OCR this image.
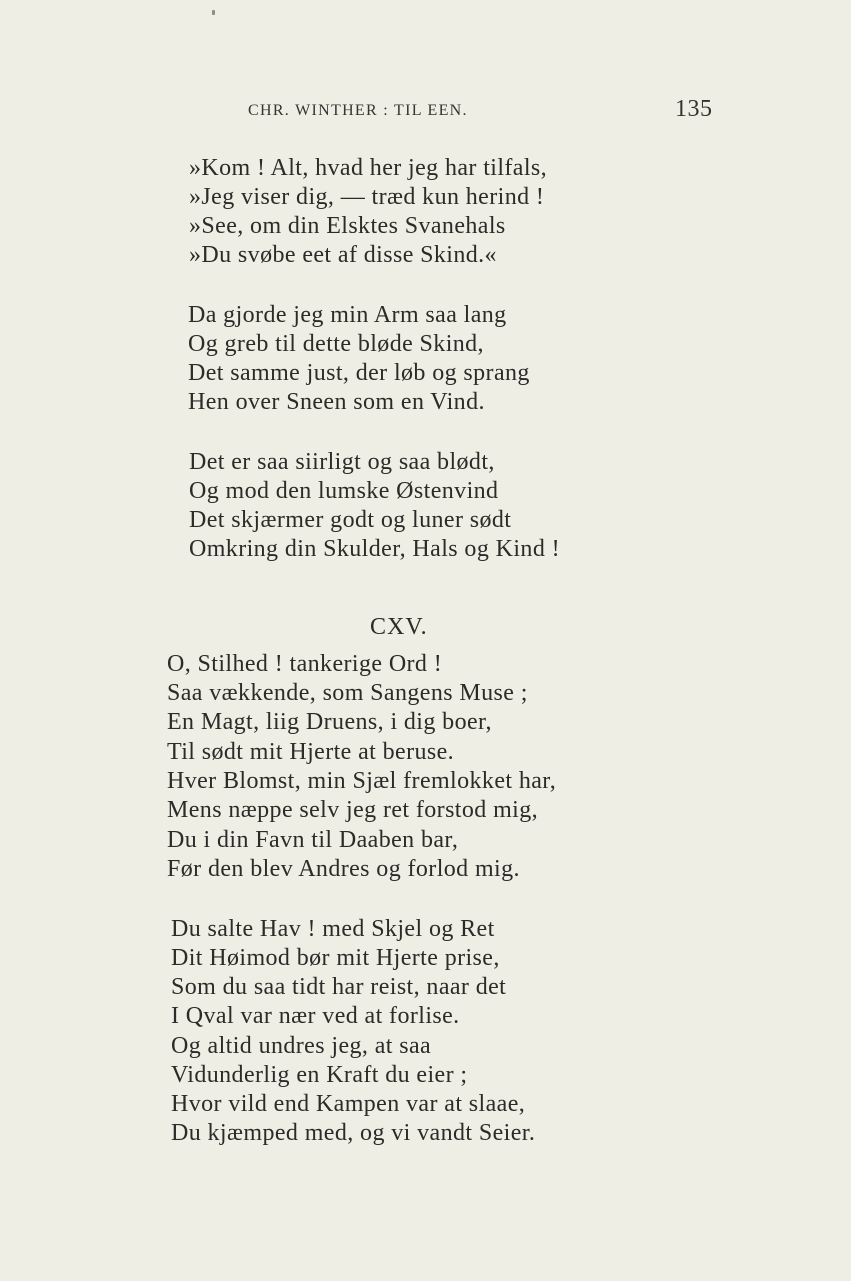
CHR. WINTHER : TIL EEN.	135
»Kom ! Alt, hvad her jeg har tilfals,
»Jeg viser dig, — træd kun herind !
»See, om din Elsktes Svanehals
»Du svøbe eet af disse Skind.«
Da gjorde jeg min Arm saa lang
Og greb til dette bløde Skind,
Det samme just, der løb og sprang
Hen over Sneen som en Vind.
Det er saa siirligt og saa blødt,
Og mod den lumske Østenvind
Det skjærmer godt og luner sødt
Omkring din Skulder, Hals og Kind !
CXV.
O, Stilhed ! tankerige Ord !
Saa vækkende, som Sangens Muse ;
En Magt, liig Druens, i dig boer,
Til sødt mit Hjerte at beruse.
Hver Blomst, min Sjæl fremlokket har,
Mens næppe selv jeg ret forstod mig,
Du i din Favn til Daaben bar,
Før den blev Andres og forlod mig.
Du salte Hav ! med Skjel og Ret
Dit Høimod bør mit Hjerte prise,
Som du saa tidt har reist, naar det
I Qval var nær ved at forlise.
Og altid undres jeg, at saa
Vidunderlig en Kraft du eier ;
Hvor vild end Kampen var at slaae,
Du kjæmped med, og vi vandt Seier.
